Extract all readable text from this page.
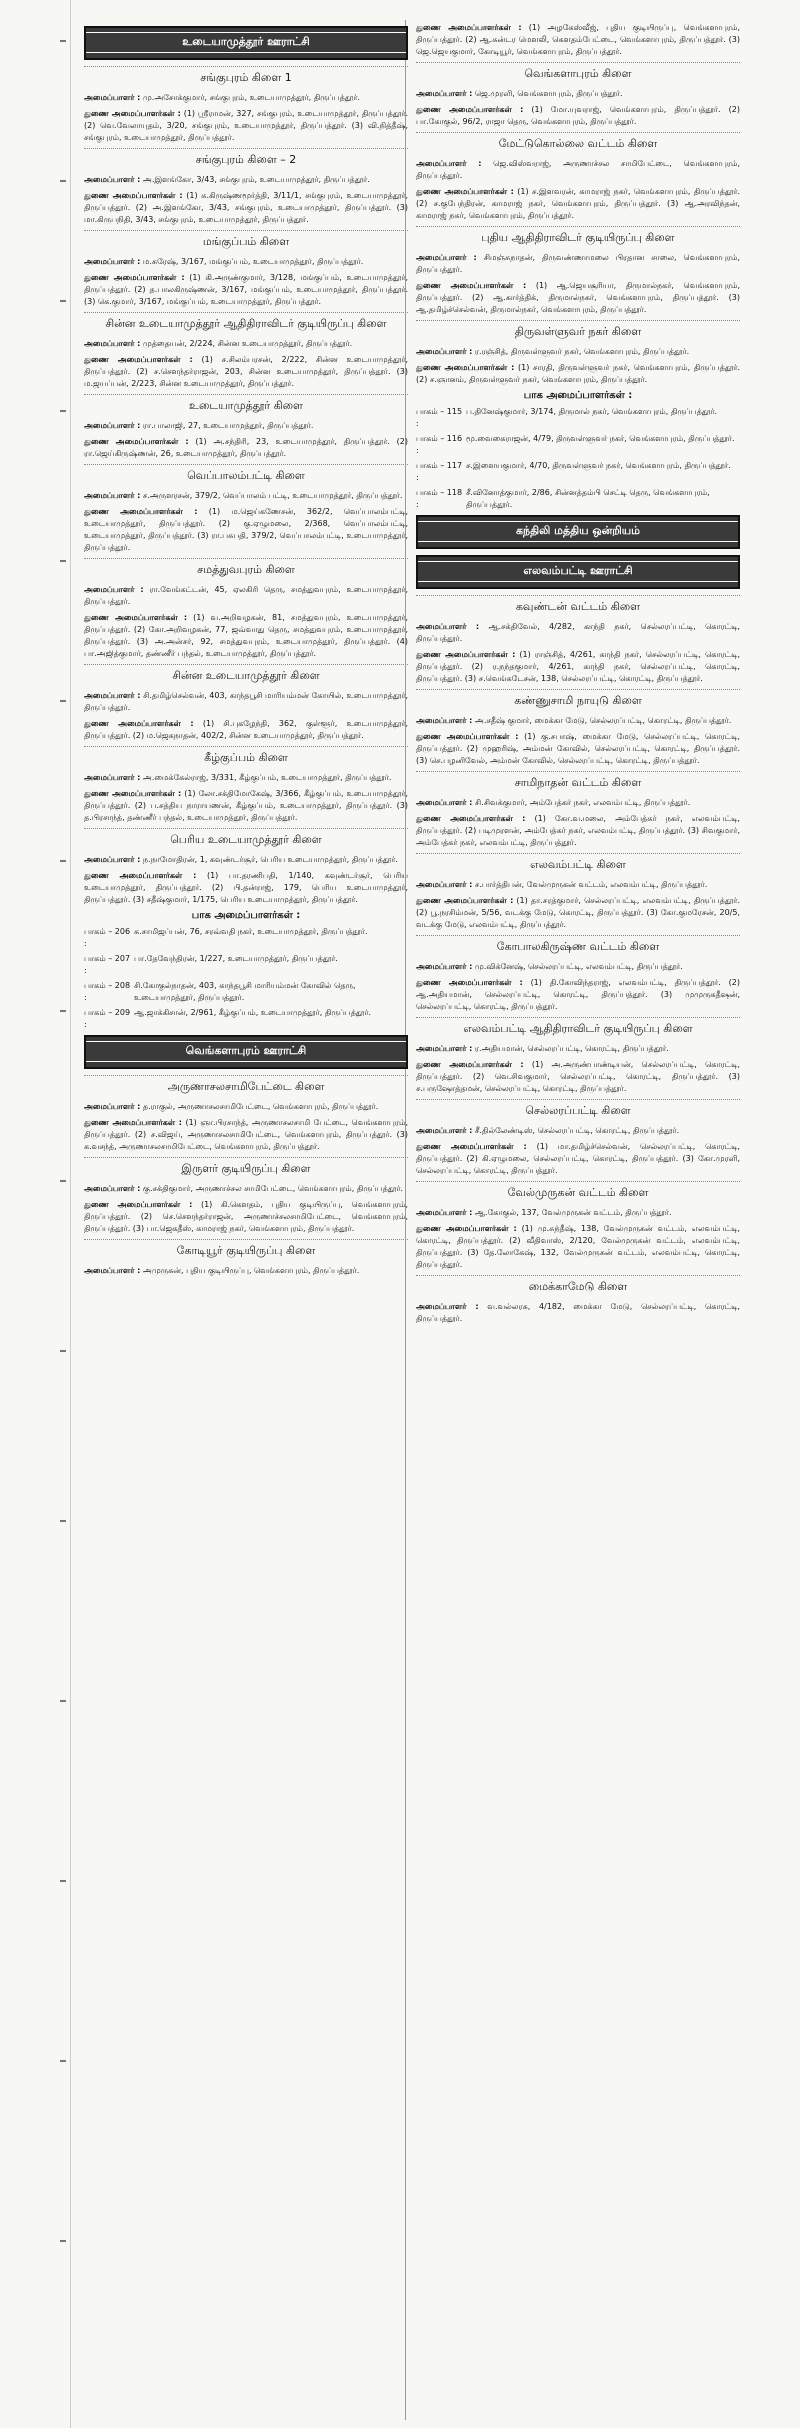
உடையாமுத்தூர் ஊராட்சி
சங்குபுரம் கிளை 1

அமைப்பாளர் : மு.அசோக்குமார், சங்குபுரம், உடையாமுத்தூர், திருப்பத்தூர்.

துணை அமைப்பாளர்கள் : (1) ஸ்ரீராமன், 327, சங்குபுரம், உடையாமுத்தூர், திருப்பத்தூர். (2) வெ.வேலாயுதம், 3/20, சங்குபுரம், உடையாமுத்தூர், திருப்பத்தூர். (3) வி.நித்தீஷ், சங்குபுரம், உடையாமுத்தூர், திருப்பத்தூர்.

சங்குபுரம் கிளை – 2

அமைப்பாளர் : அ.இளங்கோ, 3/43, சங்குபுரம், உடையாமுத்தூர், திருப்பத்தூர்.

துணை அமைப்பாளர்கள் : (1) சு.கிருஷ்ணமூர்த்தி, 3/11/1, சங்குபுரம், உடையாமுத்தூர், திருப்பத்தூர். (2) அ.இளங்கோ, 3/43, சங்குபுரம், உடையாமுத்தூர், திருப்பத்தூர். (3) மா.கிருபநிதி, 3/43, சங்குபுரம், உடையாமுத்தூர், திருப்பத்தூர்.

மங்குப்பம் கிளை

அமைப்பாளர் : ம.சுரேஷ், 3/167, மங்குப்பம், உடையாமுத்தூர், திருப்பத்தூர்.

துணை அமைப்பாளர்கள் : (1) கி.அருண்குமார், 3/128, மங்குப்பம், உடையாமுத்தூர், திருப்பத்தூர். (2) த.பாலகிருஷ்ணன், 3/167, மங்குப்பம், உடையாமுத்தூர், திருப்பத்தூர். (3) கெ.குமார், 3/167, மங்குப்பம், உடையாமுத்தூர், திருப்பத்தூர்.

சின்ன உடையாமுத்தூர் ஆதிதிராவிடர் குடியிருப்பு கிளை

அமைப்பாளர் : முத்தையன், 2/224, சின்ன உடையாமுத்தூர், திருப்பத்தூர்.

துணை அமைப்பாளர்கள் : (1) ச.சிலம்பரசன், 2/222, சின்ன உடையாமுத்தூர், திருப்பத்தூர். (2) ச.சௌந்தர்ராஜன், 203, சின்ன உடையாமுத்தூர், திருப்பத்தூர். (3) ம.ஜயப்பன், 2/223, சின்ன உடையாமுத்தூர், திருப்பத்தூர்.

உடையாமுத்தூர் கிளை

அமைப்பாளர் : ரா.பாலாஜி, 27, உடையாமுத்தூர், திருப்பத்தூர்.

துணை அமைப்பாளர்கள் : (1) அ.சந்திரி, 23, உடையாமுத்தூர், திருப்பத்தூர். (2) ரா.ஜெய்கிருஷ்ணன், 26, உடையாமுத்தூர், திருப்பத்தூர்.

வெப்பாலம்பட்டி கிளை

அமைப்பாளர் : ச.அருளரசன், 379/2, வெப்பாலம் பட்டி, உடையாமுத்தூர், திருப்பத்தூர்.

துணை அமைப்பாளர்கள் : (1) ம.ஜெய்கணேசன், 362/2, வெப்பாலம்பட்டி, உடையாமுத்தூர், திருப்பத்தூர். (2) கு.ஏழுமலை, 2/368, வெப்பாலம்பட்டி, உடையாமுத்தூர், திருப்பத்தூர். (3) ரா.பசுபதி, 379/2, வெப்பாலம்பட்டி, உடையாமுத்தூர், திருப்பத்தூர்.

சமத்துவபுரம் கிளை

அமைப்பாளர் : ரா.வேங்கட்டன், 45, ஏலகிரி தெரு, சமத்துவபுரம், உடையாமுத்தூர், திருப்பத்தூர்.

துணை அமைப்பாளர்கள் : (1) வ.அறிவழகன், 81, சமத்துவபுரம், உடையாமுத்தூர், திருப்பத்தூர். (2) கோ.அறிவழகன், 77, ஜவ்வாது தெரு, சமத்துவபுரம், உடையாமுத்தூர், திருப்பத்தூர். (3) அ.அன்சர், 92, சமத்துவபுரம், உடையாமுத்தூர், திருப்பத்தூர். (4) பா.அஜித்குமார், தண்ணீர் பந்தல், உடையாமுத்தூர், திருப்பத்தூர்.

சின்ன உடையாமுத்தூர் கிளை

அமைப்பாளர் : சி.தமிழ்செல்வன், 403, காந்தபூசி மாரியம்மன் கோயில், உடையாமுத்தூர், திருப்பத்தூர்.

துணை அமைப்பாளர்கள் : (1) சி.புகழேந்தி, 362, குள்ளூர், உடையாமுத்தூர், திருப்பத்தூர். (2) ம.ஜெகநாதன், 402/2, சின்ன உடையாமுத்தூர், திருப்பத்தூர்.

கீழ்குப்பம் கிளை

அமைப்பாளர் : அ.மைக்கேல்ராஜ், 3/331, கீழ்குப்பம், உடையாமுத்தூர், திருப்பத்தூர்.

துணை அமைப்பாளர்கள் : (1) லோ.சக்திமோகேஷ், 3/366, கீழ்குப்பம், உடையாமுத்தூர், திருப்பத்தூர். (2) ப.சத்திய நாராயணன், கீழ்குப்பம், உடையாமுத்தூர், திருப்பத்தூர். (3) த.பிரசாந்த், தண்ணீர் பந்தல், உடையாமுத்தூர், திருப்பத்தூர்.

பெரிய உடையாமுத்தூர் கிளை

அமைப்பாளர் : ந.நாமோதிரன், 1, கவுண்டர்சூர், பெரிய உடையாமுத்தூர், திருப்பத்தூர்.

துணை அமைப்பாளர்கள் : (1) பா.தரணிபதி, 1/140, கவுண்டர்சூர், பெரிய உடையாமுத்தூர், திருப்பத்தூர். (2) பி.தன்ராஜ், 179, பெரிய உடையாமுத்தூர், திருப்பத்தூர். (3) சதீஷ்குமார், 1/175, பெரிய உடையாமுத்தூர், திருப்பத்தூர்.

பாக அமைப்பாளர்கள் :
பாகம் – 206 :
க.சாமிஜப்பன், 76, சரவ்வதி நகர், உடையாமுத்தூர், திருப்பத்தூர்.
பாகம் – 207 :
பா.தேவேந்திரன், 1/227, உடையாமுத்தூர், திருப்பத்தூர்.
பாகம் – 208 :
சி.கோகுல்நாதன், 403, காந்தபூசி மாரியம்மன் கோவில் தெரு, உடையாமுத்தூர், திருப்பத்தூர்.
பாகம் – 209 :
ஆ.ஜாக்கிசான், 2/961, கீழ்குப்பம், உடையாமுத்தூர், திருப்பத்தூர்.
வெங்களாபுரம் ஊராட்சி
அருணாசலசாமிபேட்டை கிளை

அமைப்பாளர் : த.ராகுல், அருணாசலசாமிபேட்டை, வெங்களாபுரம், திருப்பத்தூர்.

துணை அமைப்பாளர்கள் : (1) ஞா.பிரசாந்த், அருணாசலசாமி பேட்டை, வெங்களாபுரம், திருப்பத்தூர். (2) ச.விஜய், அருணாசலசாமிபேட்டை, வெங்களாபுரம், திருப்பத்தூர். (3) க.வசந்த், அருணாசலசாமிபேட்டை, வெங்களாபுரம், திருப்பத்தூர்.

இருளர் குடியிருப்பு கிளை

அமைப்பாளர் : கு.சக்திகுமார், அருணாச்சல சாமிபேட்டை, வெங்களாபுரம், திருப்பத்தூர்.

துணை அமைப்பாளர்கள் : (1) கி.கௌதம், புதிய குடியிருப்பு, வெங்களாபுரம், திருப்பத்தூர். (2) செ.சௌந்தர்ராஜன், அருணாச்சலசாமிபேட்டை, வெங்களாபுரம், திருப்பத்தூர். (3) பா.ஜெகதீஸ், காமராஜ் நகர், வெங்களாபுரம், திருப்பத்தூர்.

கோடியூர் குடியிருப்பு கிளை

அமைப்பாளர் : அமுருகன், புதிய குடியிருப்பு, வெங்களாபுரம், திருப்பத்தூர்.

துணை அமைப்பாளர்கள் : (1) அழகேஸ்வீஜ், புதிய குடியிருப்பு, வெங்களாபுரம், திருப்பத்தூர். (2) ஆ.சுன்டர மெளலி, கௌதம்பேட்டை, வெங்களாபுரம், திருப்பத்தூர். (3) ஜெ.ஜெயகுமார், கோடியூர், வெங்களாபுரம், திருப்பத்தூர்.

வெங்களாபுரம் கிளை

அமைப்பாளர் : ஜெ.முரளி, வெங்களாபுரம், திருப்பத்தூர்.

துணை அமைப்பாளர்கள் : (1) மோ.யுவராஜ், வெங்களாபுரம், திருப்பத்தூர். (2) பா.கோகுல், 96/2, ராஜா தெரு, வெங்களாபுரம், திருப்பத்தூர்.

மேட்டுகொல்லை வட்டம் கிளை

அமைப்பாளர் : ஜெ.விஸ்வராஜ், அருணாச்சல சாமிபேட்டை, வெங்களாபுரம், திருப்பத்தூர்.

துணை அமைப்பாளர்கள் : (1) ச.இளவரன், காமராஜ் நகர், வெங்களாபுரம், திருப்பத்தூர். (2) ச.குபேந்திரன், காமராஜ் நகர், வெங்களாபுரம், திருப்பத்தூர். (3) ஆ.அரவிந்தன், காமராஜ் நகர், வெங்களாபுரம், திருப்பத்தூர்.

புதிய ஆதிதிராவிடர் குடியிருப்பு கிளை

அமைப்பாளர் : சிமஞ்சுநாதன், திருவண்ணாமலை பிரதான சாலை, வெங்களாபுரம், திருப்பத்தூர்.

துணை அமைப்பாளர்கள் : (1) ஆ.ஜெயசூரியா, திருமால்நகர், வெங்களாபுரம், திருப்பத்தூர். (2) ஆ.கார்த்திக், திருமால்நகர், வெங்களாபுரம், திருப்பத்தூர். (3) ஆ.தமிழ்ச்செல்வன், திருமால்நகர், வெங்களாபுரம், திருப்பத்தூர்.

திருவள்ளுவர் நகர் கிளை

அமைப்பாளர் : ர.ரஞ்சித், திருவள்ளுவர் நகர், வெங்களாபுரம், திருப்பத்தூர்.

துணை அமைப்பாளர்கள் : (1) சாரதி, திருவள்ளுவர் நகர், வெங்களாபுரம், திருப்பத்தூர். (2) ச.ஞானம், திருவள்ளுவர் நகர், வெங்களாபுரம், திருப்பத்தூர்.

பாக அமைப்பாளர்கள் :
பாகம் – 115 :
ப.தினேஷ்குமார், 3/174, திருமால் நகர், வெங்களாபுரம், திருப்பத்தூர்.
பாகம் – 116 :
மூ.வைகைராஜன், 4/79, திருவள்ளுவர் நகர், வெங்களாபுரம், திருப்பத்தூர்.
பாகம் – 117 :
ச.இளையகுமார், 4/70, திருவள்ளுவர் நகர், வெங்களாபுரம், திருப்பத்தூர்.
பாகம் – 118 :
சீ.வினோத்குமார், 2/86, சின்னத்தம்பி செட்டி தெரு, வெங்களாபுரம், திருப்பத்தூர்.
கந்திலி மத்திய ஒன்றியம்
எலவம்பட்டி ஊராட்சி
கவுண்டன் வட்டம் கிளை

அமைப்பாளர் : ஆ.சக்திவேல், 4/282, காந்தி நகர், செல்லரப்பட்டி, கொரட்டி, திருப்பத்தூர்.

துணை அமைப்பாளர்கள் : (1) ராஞ்சித், 4/261, காந்தி நகர், செல்லரப்பட்டி, கொரட்டி, திருப்பத்தூர். (2) ர.நந்தகுமார், 4/261, காந்தி நகர், செல்லரப்பட்டி, கொரட்டி, திருப்பத்தூர். (3) ச.வெங்கடேசன், 138, செல்லரப்பட்டி, கொரட்டி, திருப்பத்தூர்.

கண்ணுசாமி நாயுடு கிளை

அமைப்பாளர் : அ.சதீஷ் குமார், மைக்கா மேடு, செல்லரப்பட்டி, கொரட்டி, திருப்பத்தூர்.

துணை அமைப்பாளர்கள் : (1) கு.சபாஷ், மைக்கா மேடு, செல்லரப்பட்டி, கொரட்டி, திருப்பத்தூர். (2) முஹரிஷ், அம்மன் கோவில், செல்லரப்பட்டி, கொரட்டி, திருப்பத்தூர். (3) செ.பழனிவேல், அம்மன் கோவில், செல்லரப்பட்டி, கொரட்டி, திருப்பத்தூர்.

சாமிநாதன் வட்டம் கிளை

அமைப்பாளர் : சி.சிவக்குமார், அம்பேத்கர் நகர், எலவம்பட்டி, திருப்பத்தூர்.

துணை அமைப்பாளர்கள் : (1) கோ.வ.மலை, அம்பேத்கர் நகர், எலவம்பட்டி, திருப்பத்தூர். (2) படிமுரளன், அம்பேத்கர் நகர், எலவம்பட்டி, திருப்பத்தூர். (3) சிவகுமார், அம்பேத்கர் நகர், எலவம்பட்டி, திருப்பத்தூர்.

எலவம்பட்டி கிளை

அமைப்பாளர் : ச.பார்த்திபன், வேல்முருகன் வட்டம், எலவம்பட்டி, திருப்பத்தூர்.

துணை அமைப்பாளர்கள் : (1) தா.சரத்குமார், செல்லரப்பட்டி, எலவம்பட்டி, திருப்பத்தூர். (2) பூ.நரசிம்மன், 5/56, வடக்கு மேடு, கொரட்டி, திருப்பத்தூர். (3) கோ.குமரேசன், 20/5, வடக்கு மேடு, எலவம்பட்டி, திருப்பத்தூர்.

கோபாலகிருஷ்ண வட்டம் கிளை

அமைப்பாளர் : மு.விக்னேஷ், செல்லரப்பட்டி, எலவம்பட்டி, திருப்பத்தூர்.

துணை அமைப்பாளர்கள் : (1) தி.கோவிந்தராஜ், எலவம்பட்டி, திருப்பத்தூர். (2) ஆ.அதியமான், செல்லரப்பட்டி, கொரட்டி, திருப்பத்தூர். (3) முமுருகதீஷன், செல்லரப்பட்டி, கொரட்டி, திருப்பத்தூர்.

எலவம்பட்டி ஆதிதிராவிடர் குடியிருப்பு கிளை

அமைப்பாளர் : ர.அதியமான், செல்லரப்பட்டி, கொரட்டி, திருப்பத்தூர்.

துணை அமைப்பாளர்கள் : (1) அ.அருண்பாண்டியன், செல்லரப்பட்டி, கொரட்டி, திருப்பத்தூர். (2) வெ.சிவகுமார், செல்லரப்பட்டி, கொரட்டி, திருப்பத்தூர். (3) ச.பருஷோத்தமன், செல்லரப்பட்டி, கொரட்டி, திருப்பத்தூர்.

செல்லரப்பட்டி கிளை

அமைப்பாளர் : சீ.தில்லேண்டிஸ், செல்லரப்பட்டி, கொரட்டி, திருப்பத்தூர்.

துணை அமைப்பாளர்கள் : (1) மா.தமிழ்ச்செல்வன், செல்லரப்பட்டி, கொரட்டி, திருப்பத்தூர். (2) கி.ஏழுமலை, செல்லரப்பட்டி, கொரட்டி, திருப்பத்தூர். (3) கோ.முரளி, செல்லரப்பட்டி, கொரட்டி, திருப்பத்தூர்.

வேல்முருகன் வட்டம் கிளை

அமைப்பாளர் : ஆ.கோகுல், 137, வேல்முருகன் வட்டம், திருப்பத்தூர்.

துணை அமைப்பாளர்கள் : (1) மு.சுந்தீஷ், 138, வேல்முருகன் வட்டம், எலவம்பட்டி, கொரட்டி, திருப்பத்தூர். (2) வீதிவாஸ், 2/120, வேல்முருகன் வட்டம், எலவம்பட்டி, திருப்பத்தூர். (3) தே.லோகேஷ், 132, வேல்முருகன் வட்டம், எலவம்பட்டி, கொரட்டி, திருப்பத்தூர்.

மைக்காமேடு கிளை

அமைப்பாளர் : வ.வல்லரசு, 4/182, மைக்கா மேடு, செல்லரப்பட்டி, கொரட்டி, திருப்பத்தூர்.
